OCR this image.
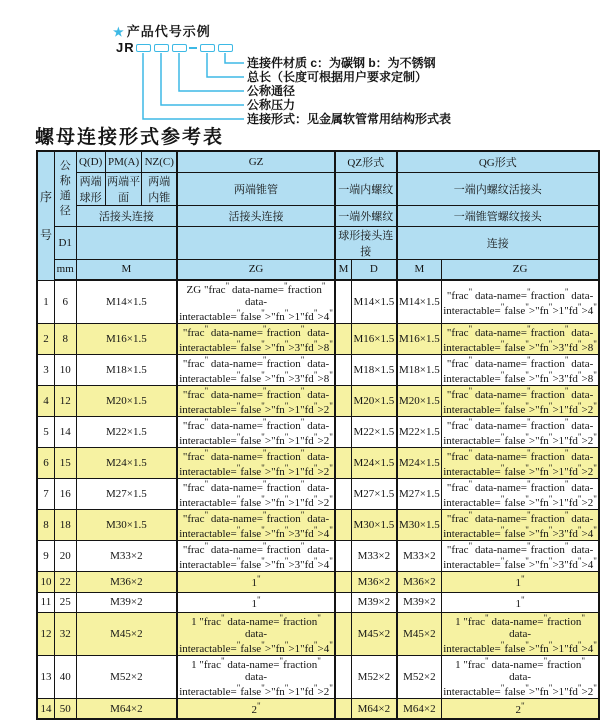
★ 产品代号示例
JR
连接件材质 c：为碳钢 b：为不锈钢
总长（长度可根据用户要求定制）
公称通径
公称压力
连接形式：见金属软管常用结构形式表
螺母连接形式参考表
序号	公称通径	Q(D)	PM(A)	NZ(C)	GZ	QZ形式		QG形式	
		两端球形	两端平面	两端内锥	两端锥管	一端内螺纹		一端内螺纹活接头	
		活接头连接			活接头连接	一端外螺纹		一端锥管螺纹接头	
	D1					球形接头连接		连接	
	mm	M			ZG	M	D	M	ZG
1	6	M14×1.5			ZG "frac" data-name="fraction" data-interactable="false">"fn">1"fd">4"		M14×1.5	M14×1.5	"frac" data-name="fraction" data-interactable="false">"fn">1"fd">4"
2	8	M16×1.5			"frac" data-name="fraction" data-interactable="false">"fn">3"fd">8"		M16×1.5	M16×1.5	"frac" data-name="fraction" data-interactable="false">"fn">3"fd">8"
3	10	M18×1.5			"frac" data-name="fraction" data-interactable="false">"fn">3"fd">8"		M18×1.5	M18×1.5	"frac" data-name="fraction" data-interactable="false">"fn">3"fd">8"
4	12	M20×1.5			"frac" data-name="fraction" data-interactable="false">"fn">1"fd">2"		M20×1.5	M20×1.5	"frac" data-name="fraction" data-interactable="false">"fn">1"fd">2"
5	14	M22×1.5			"frac" data-name="fraction" data-interactable="false">"fn">1"fd">2"		M22×1.5	M22×1.5	"frac" data-name="fraction" data-interactable="false">"fn">1"fd">2"
6	15	M24×1.5			"frac" data-name="fraction" data-interactable="false">"fn">1"fd">2"		M24×1.5	M24×1.5	"frac" data-name="fraction" data-interactable="false">"fn">1"fd">2"
7	16	M27×1.5			"frac" data-name="fraction" data-interactable="false">"fn">1"fd">2"		M27×1.5	M27×1.5	"frac" data-name="fraction" data-interactable="false">"fn">1"fd">2"
8	18	M30×1.5			"frac" data-name="fraction" data-interactable="false">"fn">3"fd">4"		M30×1.5	M30×1.5	"frac" data-name="fraction" data-interactable="false">"fn">3"fd">4"
9	20	M33×2			"frac" data-name="fraction" data-interactable="false">"fn">3"fd">4"		M33×2	M33×2	"frac" data-name="fraction" data-interactable="false">"fn">3"fd">4"
10	22	M36×2			1"		M36×2	M36×2	1"
11	25	M39×2			1"		M39×2	M39×2	1"
12	32	M45×2			1 "frac" data-name="fraction" data-interactable="false">"fn">1"fd">4"		M45×2	M45×2	1 "frac" data-name="fraction" data-interactable="false">"fn">1"fd">4"
13	40	M52×2			1 "frac" data-name="fraction" data-interactable="false">"fn">1"fd">2"		M52×2	M52×2	1 "frac" data-name="fraction" data-interactable="false">"fn">1"fd">2"
14	50	M64×2			2"		M64×2	M64×2	2"
